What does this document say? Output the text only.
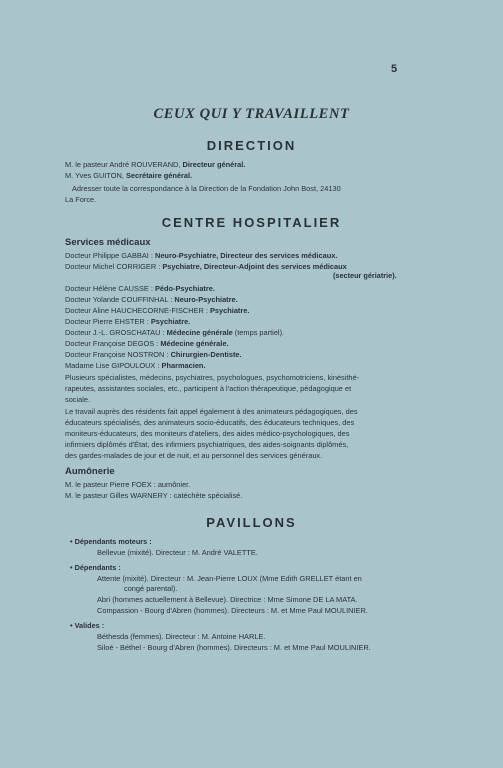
5
CEUX QUI Y TRAVAILLENT
DIRECTION
M. le pasteur André ROUVERAND, Directeur général.
M. Yves GUITON, Secrétaire général.
Adresser toute la correspondance à la Direction de la Fondation John Bost, 24130
La Force.
CENTRE HOSPITALIER
Services médicaux
Docteur Philippe GABBAI : Neuro-Psychiatre, Directeur des services médicaux.
Docteur Michel CORRIGER : Psychiatre, Directeur-Adjoint des services médicaux
(secteur gériatrie).
Docteur Hélène CAUSSE : Pédo-Psychiatre.
Docteur Yolande COUFFINHAL : Neuro-Psychiatre.
Docteur Aline HAUCHECORNE-FISCHER : Psychiatre.
Docteur Pierre EHSTER : Psychiatre.
Docteur J.-L. GROSCHATAU : Médecine générale (temps partiel).
Docteur Françoise DEGOS : Médecine générale.
Docteur Françoise NOSTRON : Chirurgien-Dentiste.
Madame Lise GIPOULOUX : Pharmacien.
Plusieurs spécialistes, médecins, psychiatres, psychologues, psychomotriciens, kinésithé-
rapeutes, assistantes sociales, etc., participent à l'action thérapeutique, pédagogique et
sociale.
Le travail auprès des résidents fait appel également à des animateurs pédagogiques, des
éducateurs spécialisés, des animateurs socio-éducatifs, des éducateurs techniques, des
moniteurs-éducateurs, des moniteurs d'ateliers, des aides médico-psychologiques, des
infirmiers diplômés d'État, des infirmiers psychiatriques, des aides-soignants diplômés,
des gardes-malades de jour et de nuit, et au personnel des services généraux.
Aumônerie
M. le pasteur Pierre FOEX : aumônier.
M. le pasteur Gilles WARNERY : catéchète spécialisé.
PAVILLONS
• Dépendants moteurs :
Bellevue (mixité). Directeur : M. André VALETTE.
• Dépendants :
Attente (mixité). Directeur : M. Jean-Pierre LOUX (Mme Edith GRELLET étant en
congé parental).
Abri (hommes actuellement à Bellevue). Directrice : Mme Simone DE LA MATA.
Compassion - Bourg d'Abren (hommes). Directeurs : M. et Mme Paul MOULINIER.
• Valides :
Béthesda (femmes). Directeur : M. Antoine HARLE.
Siloé - Béthel - Bourg d'Abren (hommes). Directeurs : M. et Mme Paul MOULINIER.
